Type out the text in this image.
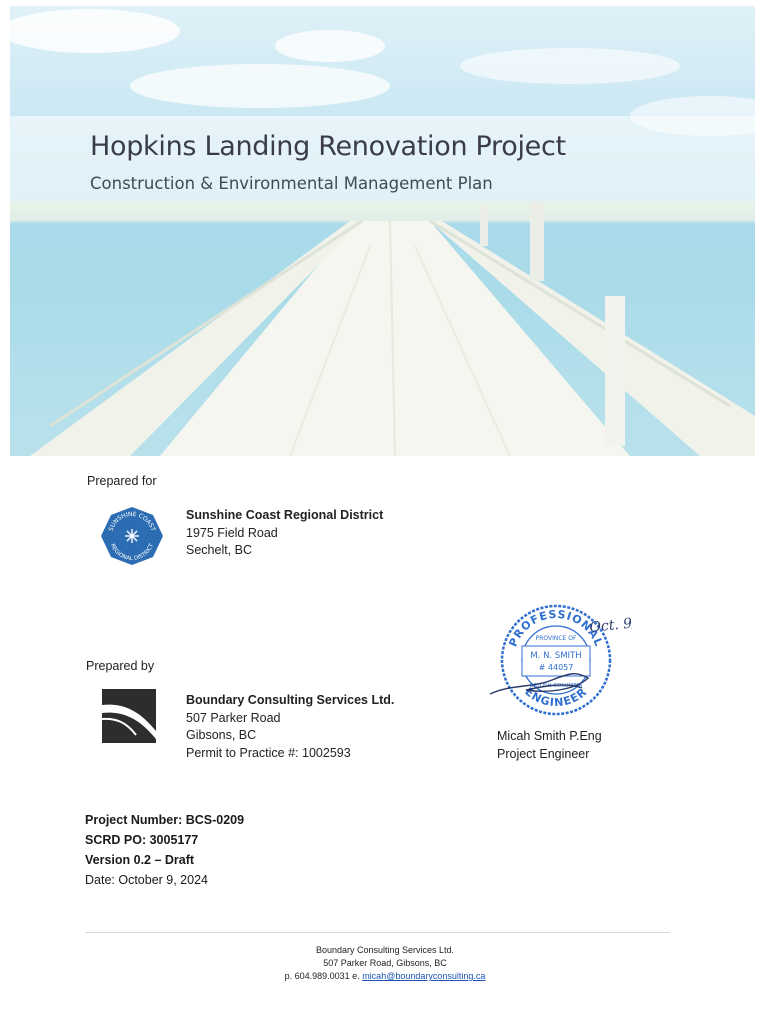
Hopkins Landing Renovation Project

Construction & Environmental Management Plan

Prepared for
SUNSHINE COAST
REGIONAL DISTRICT
Sunshine Coast Regional District
1975 Field Road
Sechelt, BC
PROFESSIONAL
ENGINEER
PROVINCE OF
M. N. SMITH
# 44057
BRITISH COLUMBIA
Oct. 9/24
Micah Smith P.Eng
Project Engineer
Prepared by
Boundary Consulting Services Ltd.
507 Parker Road
Gibsons, BC
Permit to Practice #: 1002593
Project Number: BCS-0209
SCRD PO: 3005177
Version 0.2 – Draft
Date: October 9, 2024
Boundary Consulting Services Ltd.
507 Parker Road, Gibsons, BC
p. 604.989.0031 e. micah@boundaryconsulting.ca
